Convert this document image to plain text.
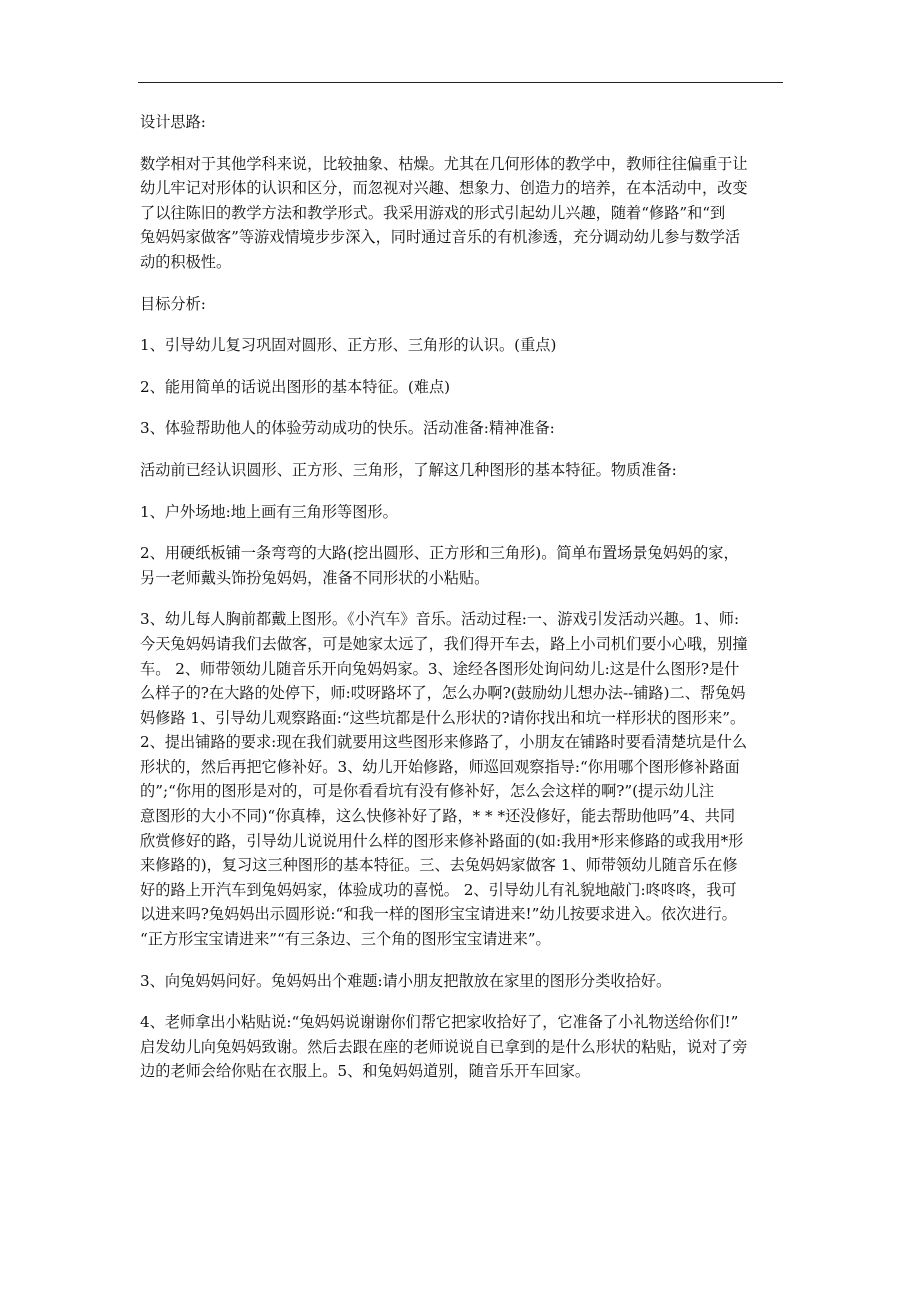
设计思路:

数学相对于其他学科来说，比较抽象、枯燥。尤其在几何形体的教学中，教师往往偏重于让
幼儿牢记对形体的认识和区分，而忽视对兴趣、想象力、创造力的培养，在本活动中，改变
了以往陈旧的教学方法和教学形式。我采用游戏的形式引起幼儿兴趣，随着“修路”和“到
兔妈妈家做客”等游戏情境步步深入，同时通过音乐的有机渗透，充分调动幼儿参与数学活
动的积极性。

目标分析:

1、引导幼儿复习巩固对圆形、正方形、三角形的认识。(重点)

2、能用简单的话说出图形的基本特征。(难点)

3、体验帮助他人的体验劳动成功的快乐。活动准备:精神准备:

活动前已经认识圆形、正方形、三角形，了解这几种图形的基本特征。物质准备:

1、户外场地:地上画有三角形等图形。

2、用硬纸板铺一条弯弯的大路(挖出圆形、正方形和三角形)。简单布置场景兔妈妈的家，
另一老师戴头饰扮兔妈妈，准备不同形状的小粘贴。

3、幼儿每人胸前都戴上图形。《小汽车》音乐。活动过程:一、游戏引发活动兴趣。1、师:
今天兔妈妈请我们去做客，可是她家太远了，我们得开车去，路上小司机们要小心哦，别撞
车。 2、师带领幼儿随音乐开向兔妈妈家。3、途经各图形处询问幼儿:这是什么图形?是什
么样子的?在大路的处停下，师:哎呀路坏了，怎么办啊?(鼓励幼儿想办法--铺路)二、帮兔妈
妈修路 1、引导幼儿观察路面:“这些坑都是什么形状的?请你找出和坑一样形状的图形来”。
2、提出铺路的要求:现在我们就要用这些图形来修路了，小朋友在铺路时要看清楚坑是什么
形状的，然后再把它修补好。3、幼儿开始修路，师巡回观察指导:“你用哪个图形修补路面
的”;“你用的图形是对的，可是你看看坑有没有修补好，怎么会这样的啊?”(提示幼儿注
意图形的大小不同)“你真棒，这么快修补好了路，* * *还没修好，能去帮助他吗”4、共同
欣赏修好的路，引导幼儿说说用什么样的图形来修补路面的(如:我用*形来修路的或我用*形
来修路的)，复习这三种图形的基本特征。三、去兔妈妈家做客 1、师带领幼儿随音乐在修
好的路上开汽车到兔妈妈家，体验成功的喜悦。 2、引导幼儿有礼貌地敲门:咚咚咚，我可
以进来吗?兔妈妈出示圆形说:“和我一样的图形宝宝请进来!”幼儿按要求进入。依次进行。
“正方形宝宝请进来”“有三条边、三个角的图形宝宝请进来”。

3、向兔妈妈问好。兔妈妈出个难题:请小朋友把散放在家里的图形分类收拾好。

4、老师拿出小粘贴说:“兔妈妈说谢谢你们帮它把家收拾好了，它准备了小礼物送给你们!”
启发幼儿向兔妈妈致谢。然后去跟在座的老师说说自已拿到的是什么形状的粘贴，说对了旁
边的老师会给你贴在衣服上。5、和兔妈妈道别，随音乐开车回家。
